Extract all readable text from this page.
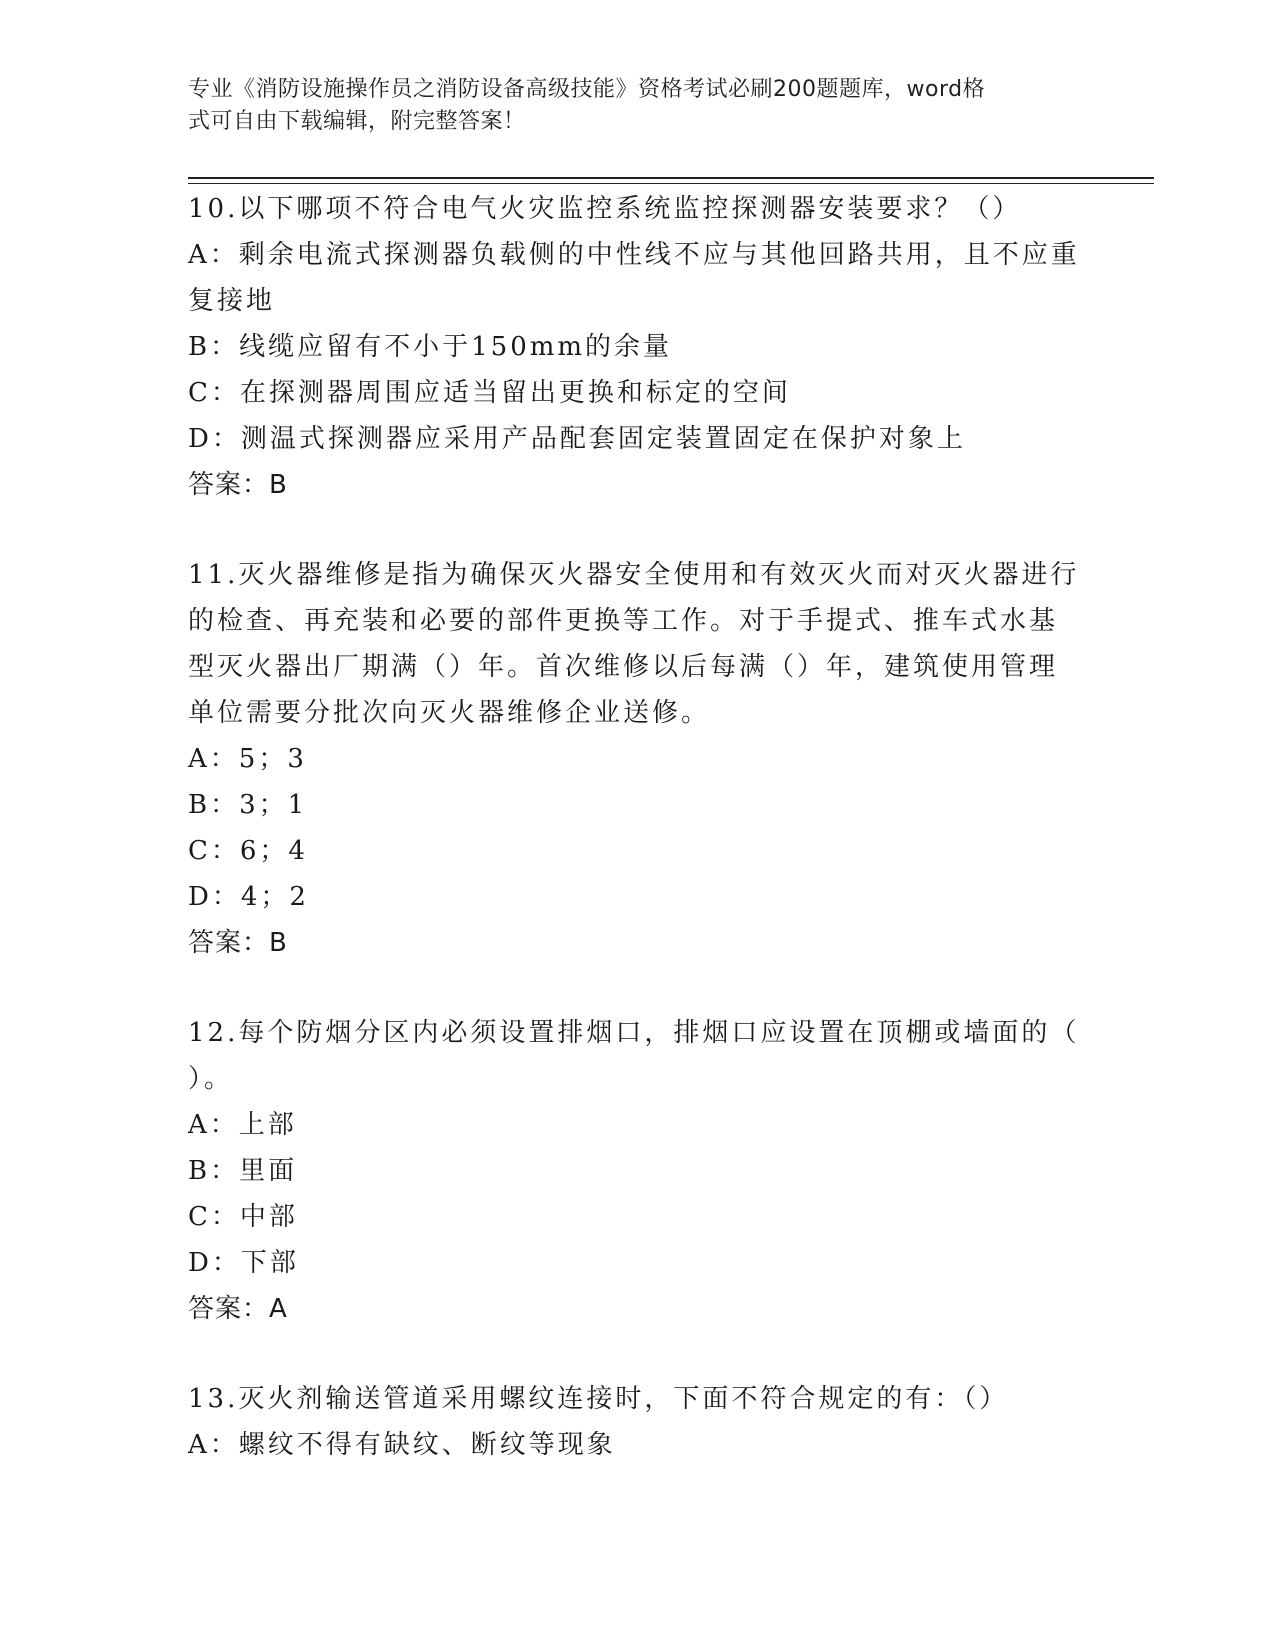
专业《消防设施操作员之消防设备高级技能》资格考试必刷200题题库，word格
式可自由下载编辑，附完整答案！
10.以下哪项不符合电气火灾监控系统监控探测器安装要求？（）
A：剩余电流式探测器负载侧的中性线不应与其他回路共用，且不应重
复接地
B：线缆应留有不小于150mm的余量
C：在探测器周围应适当留出更换和标定的空间
D：测温式探测器应采用产品配套固定装置固定在保护对象上
答案：B
11.灭火器维修是指为确保灭火器安全使用和有效灭火而对灭火器进行
的检查、再充装和必要的部件更换等工作。对于手提式、推车式水基
型灭火器出厂期满（）年。首次维修以后每满（）年，建筑使用管理
单位需要分批次向灭火器维修企业送修。
A：5；3
B：3；1
C：6；4
D：4；2
答案：B
12.每个防烟分区内必须设置排烟口，排烟口应设置在顶棚或墙面的（
）。
A：上部
B：里面
C：中部
D：下部
答案：A
13.灭火剂输送管道采用螺纹连接时，下面不符合规定的有：（）
A：螺纹不得有缺纹、断纹等现象
